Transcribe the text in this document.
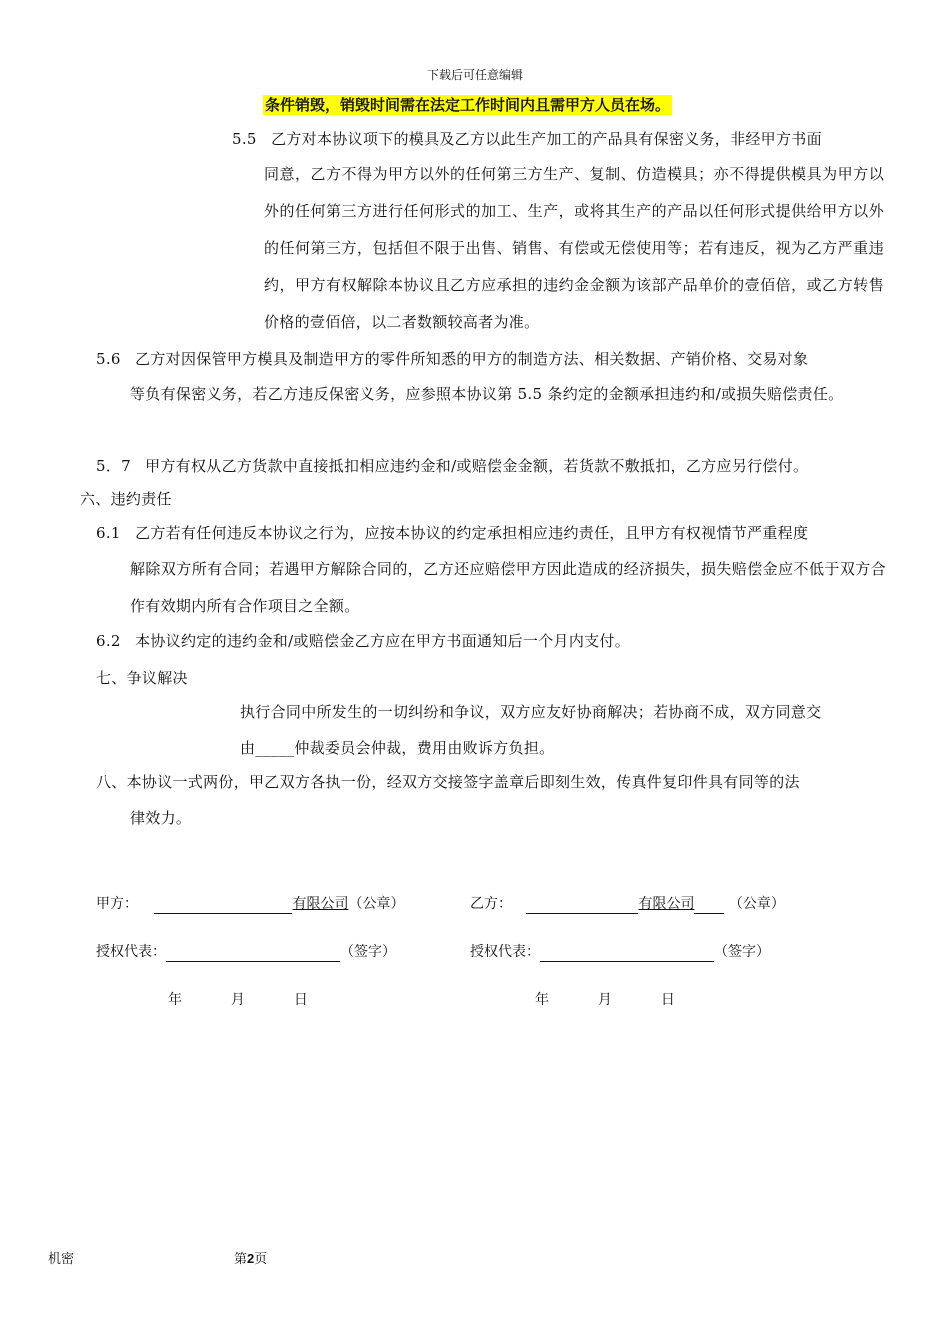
下载后可任意编辑
条件销毁，销毁时间需在法定工作时间内且需甲方人员在场。
5.5 乙方对本协议项下的模具及乙方以此生产加工的产品具有保密义务，非经甲方书面
同意，乙方不得为甲方以外的任何第三方生产、复制、仿造模具；亦不得提供模具为甲方以外的任何第三方进行任何形式的加工、生产，或将其生产的产品以任何形式提供给甲方以外的任何第三方，包括但不限于出售、销售、有偿或无偿使用等；若有违反，视为乙方严重违约，甲方有权解除本协议且乙方应承担的违约金金额为该部产品单价的壹佰倍，或乙方转售价格的壹佰倍，以二者数额较高者为准。
5.6 乙方对因保管甲方模具及制造甲方的零件所知悉的甲方的制造方法、相关数据、产销价格、交易对象
等负有保密义务，若乙方违反保密义务，应参照本协议第 5.5 条约定的金额承担违约和/或损失赔偿责任。
5．7 甲方有权从乙方货款中直接抵扣相应违约金和/或赔偿金金额，若货款不敷抵扣，乙方应另行偿付。
六、违约责任
6.1 乙方若有任何违反本协议之行为，应按本协议的约定承担相应违约责任，且甲方有权视情节严重程度
解除双方所有合同；若遇甲方解除合同的，乙方还应赔偿甲方因此造成的经济损失，损失赔偿金应不低于双方合作有效期内所有合作项目之全额。
6.2 本协议约定的违约金和/或赔偿金乙方应在甲方书面通知后一个月内支付。
七、争议解决
执行合同中所发生的一切纠纷和争议，双方应友好协商解决；若协商不成，双方同意交
由_____仲裁委员会仲裁，费用由败诉方负担。
八、本协议一式两份，甲乙双方各执一份，经双方交接签字盖章后即刻生效，传真件复印件具有同等的法
律效力。
甲方：	有限公司（公章）	乙方：	有限公司 （公章）
授权代表：	（签字）	授权代表：	（签字）
年	月	日	年	月	日
机密	第2页
